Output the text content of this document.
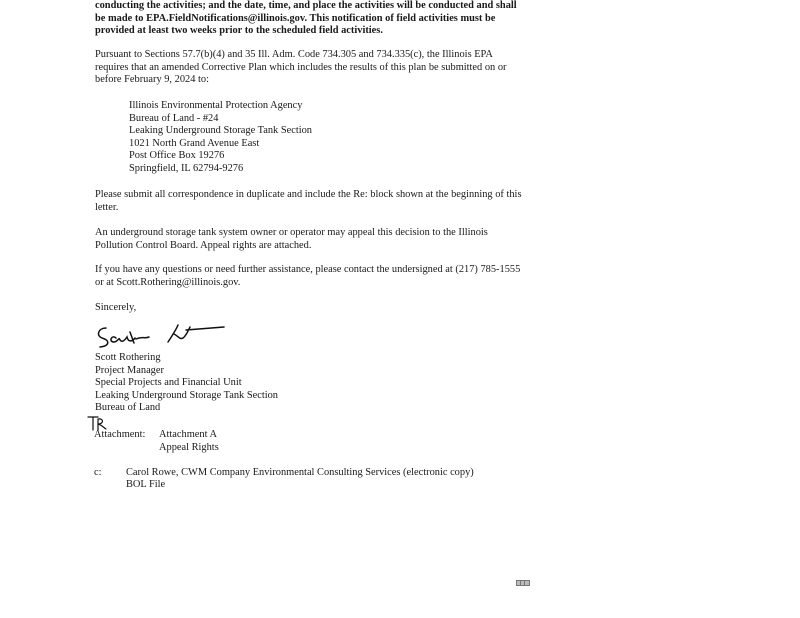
conducting the activities; and the date, time, and place the activities will be conducted and shall be made to EPA.FieldNotifications@illinois.gov. This notification of field activities must be provided at least two weeks prior to the scheduled field activities.
Pursuant to Sections 57.7(b)(4) and 35 Ill. Adm. Code 734.305 and 734.335(c), the Illinois EPA requires that an amended Corrective Plan which includes the results of this plan be submitted on or before February 9, 2024 to:
Illinois Environmental Protection Agency
Bureau of Land - #24
Leaking Underground Storage Tank Section
1021 North Grand Avenue East
Post Office Box 19276
Springfield, IL 62794-9276
Please submit all correspondence in duplicate and include the Re: block shown at the beginning of this letter.
An underground storage tank system owner or operator may appeal this decision to the Illinois Pollution Control Board. Appeal rights are attached.
If you have any questions or need further assistance, please contact the undersigned at (217) 785-1555 or at Scott.Rothering@illinois.gov.
Sincerely,
Scott Rothering
Project Manager
Special Projects and Financial Unit
Leaking Underground Storage Tank Section
Bureau of Land
Attachment: Attachment A
Appeal Rights
c: Carol Rowe, CWM Company Environmental Consulting Services (electronic copy)
BOL File
